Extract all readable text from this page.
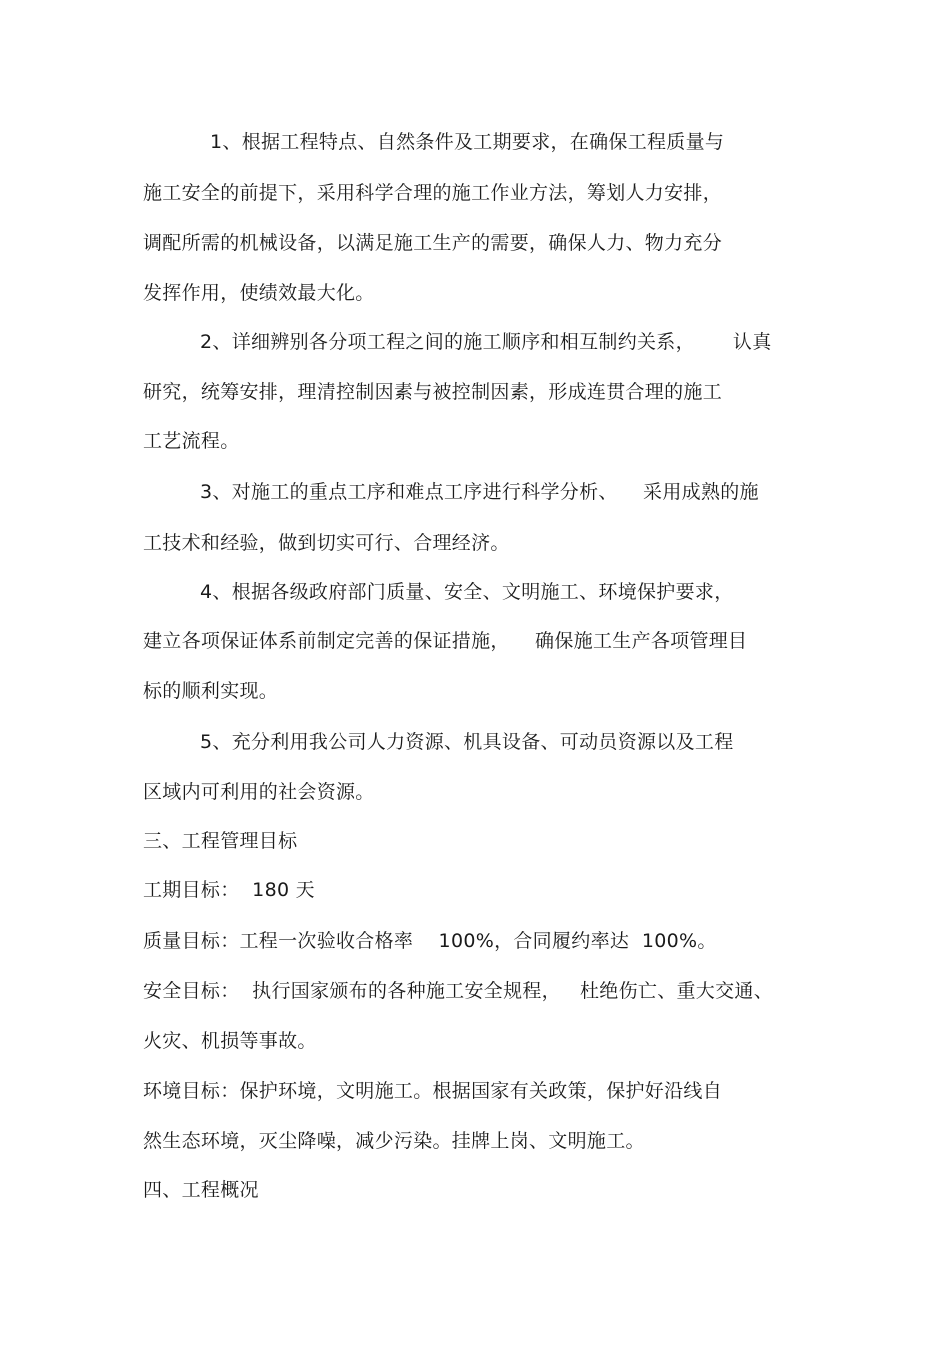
1、根据工程特点、自然条件及工期要求，在确保工程质量与
施工安全的前提下，采用科学合理的施工作业方法，筹划人力安排，
调配所需的机械设备，以满足施工生产的需要，确保人力、物力充分
发挥作用，使绩效最大化。
2、详细辨别各分项工程之间的施工顺序和相互制约关系，      认真
研究，统筹安排，理清控制因素与被控制因素，形成连贯合理的施工
工艺流程。
3、对施工的重点工序和难点工序进行科学分析、    采用成熟的施
工技术和经验，做到切实可行、合理经济。
4、根据各级政府部门质量、安全、文明施工、环境保护要求，
建立各项保证体系前制定完善的保证措施，    确保施工生产各项管理目
标的顺利实现。
5、充分利用我公司人力资源、机具设备、可动员资源以及工程
区域内可利用的社会资源。
三、工程管理目标
工期目标：  180 天
质量目标：工程一次验收合格率    100%，合同履约率达  100%。
安全目标：  执行国家颁布的各种施工安全规程，   杜绝伤亡、重大交通、
火灾、机损等事故。
环境目标：保护环境，文明施工。根据国家有关政策，保护好沿线自
然生态环境，灭尘降噪，减少污染。挂牌上岗、文明施工。
四、工程概况
